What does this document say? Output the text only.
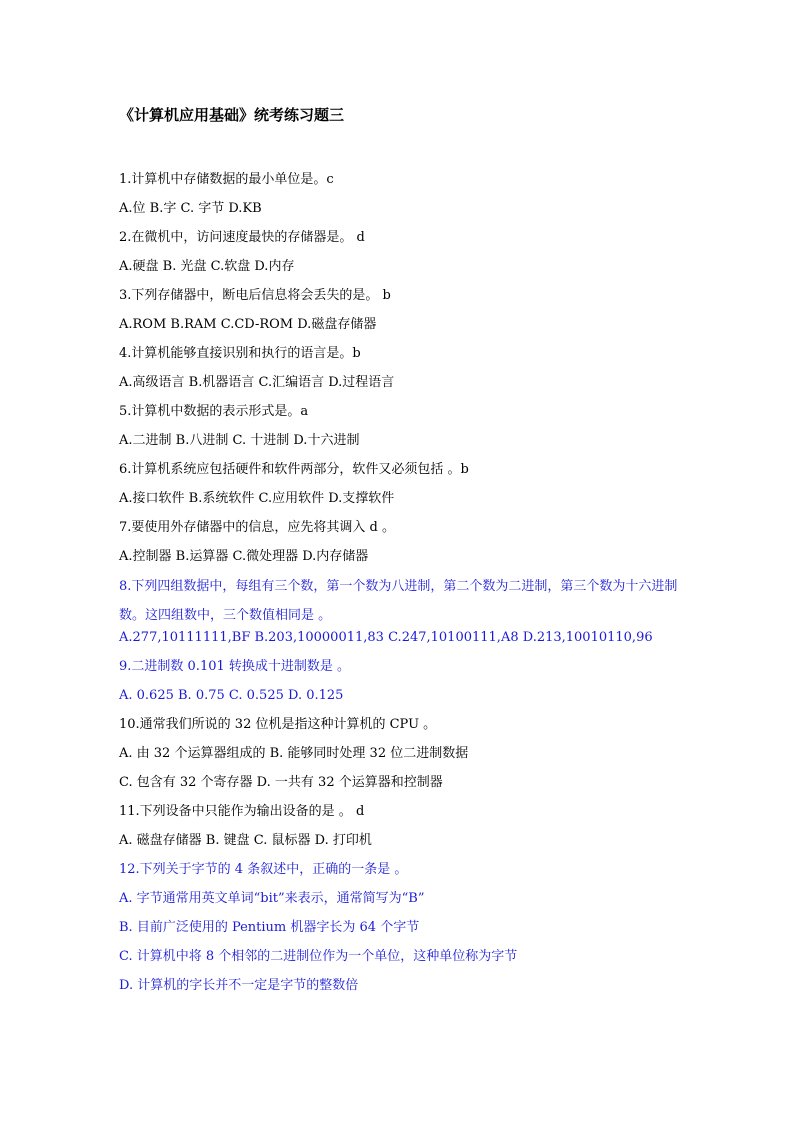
《计算机应用基础》统考练习题三
1.计算机中存储数据的最小单位是。c
A.位 B.字 C. 字节 D.KB
2.在微机中，访问速度最快的存储器是。 d
A.硬盘 B. 光盘 C.软盘 D.内存
3.下列存储器中，断电后信息将会丢失的是。 b
A.ROM B.RAM C.CD-ROM D.磁盘存储器
4.计算机能够直接识别和执行的语言是。b
A.高级语言 B.机器语言 C.汇编语言 D.过程语言
5.计算机中数据的表示形式是。a
A.二进制 B.八进制 C. 十进制 D.十六进制
6.计算机系统应包括硬件和软件两部分，软件又必须包括 。b
A.接口软件 B.系统软件 C.应用软件 D.支撑软件
7.要使用外存储器中的信息，应先将其调入 d 。
A.控制器 B.运算器 C.微处理器 D.内存储器
8.下列四组数据中，每组有三个数，第一个数为八进制，第二个数为二进制，第三个数为十六进制数。这四组数中，三个数值相同是 。
A.277,10111111,BF B.203,10000011,83 C.247,10100111,A8 D.213,10010110,96
9.二进制数 0.101 转换成十进制数是 。
A. 0.625 B. 0.75 C. 0.525 D. 0.125
10.通常我们所说的 32 位机是指这种计算机的 CPU 。
A. 由 32 个运算器组成的 B. 能够同时处理 32 位二进制数据
C. 包含有 32 个寄存器 D. 一共有 32 个运算器和控制器
11.下列设备中只能作为输出设备的是 。 d
A. 磁盘存储器 B. 键盘 C. 鼠标器 D. 打印机
12.下列关于字节的 4 条叙述中，正确的一条是 。
A. 字节通常用英文单词“bit”来表示，通常简写为“B”
B. 目前广泛使用的 Pentium 机器字长为 64 个字节
C. 计算机中将 8 个相邻的二进制位作为一个单位，这种单位称为字节
D. 计算机的字长并不一定是字节的整数倍
